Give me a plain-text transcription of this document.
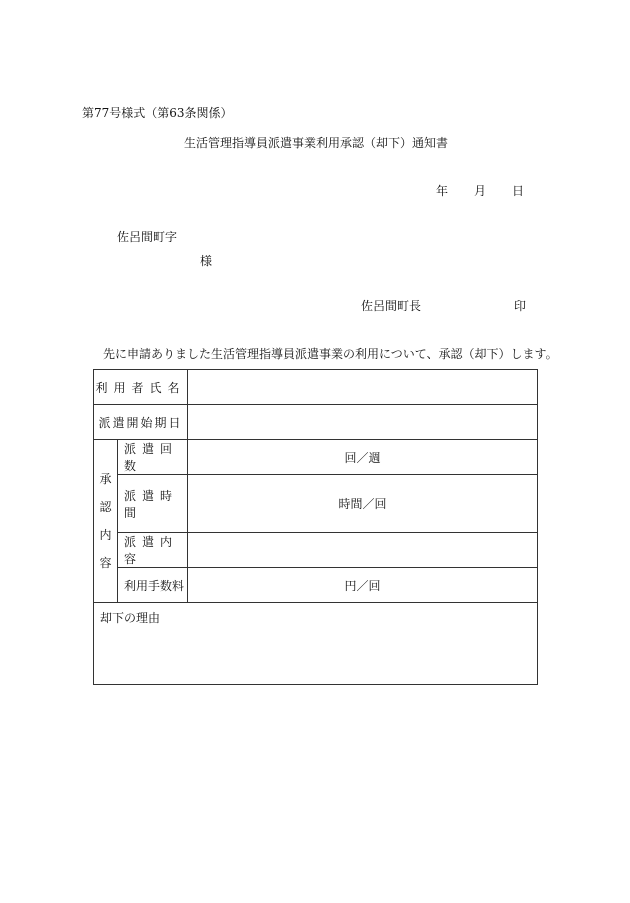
第77号様式（第63条関係）
生活管理指導員派遣事業利用承認（却下）通知書
年 月 日
佐呂間町字
様
佐呂間町長	印
先に申請ありました生活管理指導員派遣事業の利用について、承認（却下）します。
利用者氏名		
派遣開始期日		

承
認
内
容	派遣回数	回／週
	派遣時間	時間／回
	派遣内容	
	利用手数料	円／回
却下の理由		
